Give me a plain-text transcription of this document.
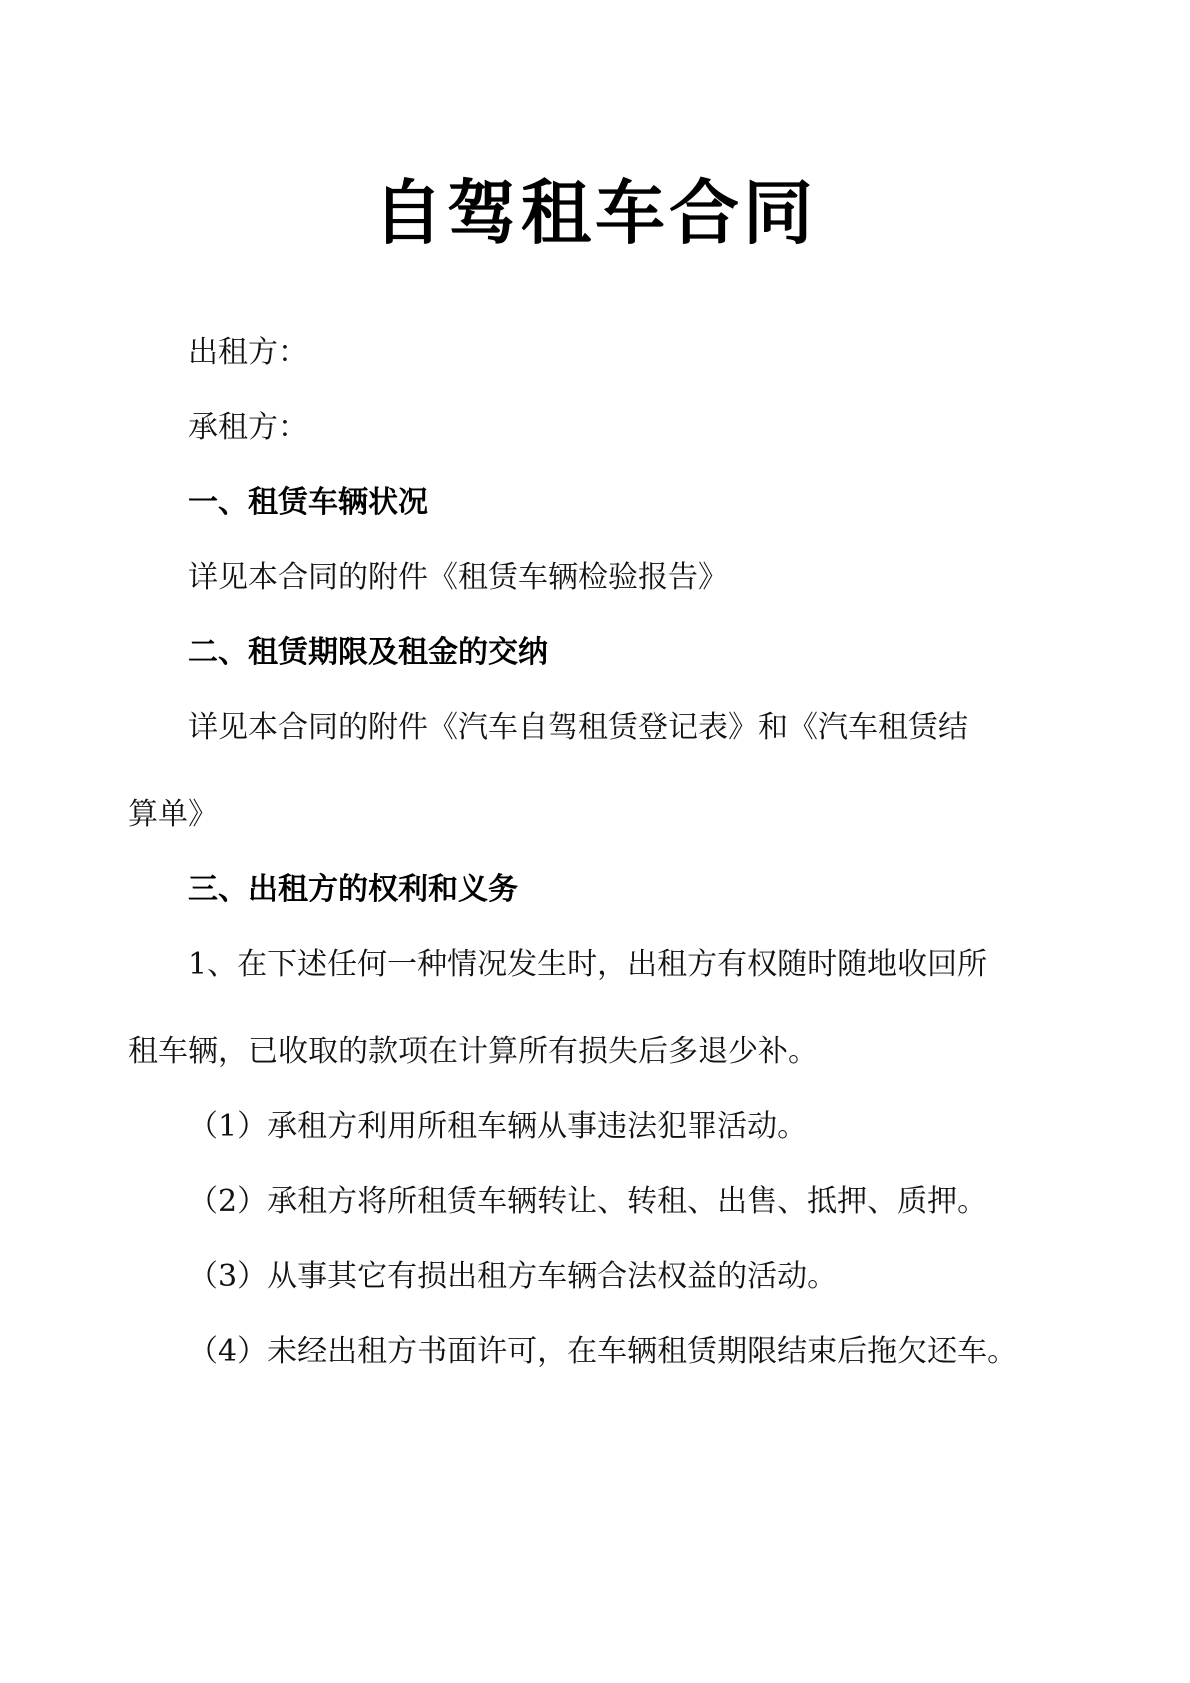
自驾租车合同
出租方：
承租方：
一、租赁车辆状况
详见本合同的附件《租赁车辆检验报告》
二、租赁期限及租金的交纳
详见本合同的附件《汽车自驾租赁登记表》和《汽车租赁结
算单》
三、出租方的权利和义务
1、在下述任何一种情况发生时，出租方有权随时随地收回所
租车辆，已收取的款项在计算所有损失后多退少补。
（1）承租方利用所租车辆从事违法犯罪活动。
（2）承租方将所租赁车辆转让、转租、出售、抵押、质押。
（3）从事其它有损出租方车辆合法权益的活动。
（4）未经出租方书面许可，在车辆租赁期限结束后拖欠还车。
